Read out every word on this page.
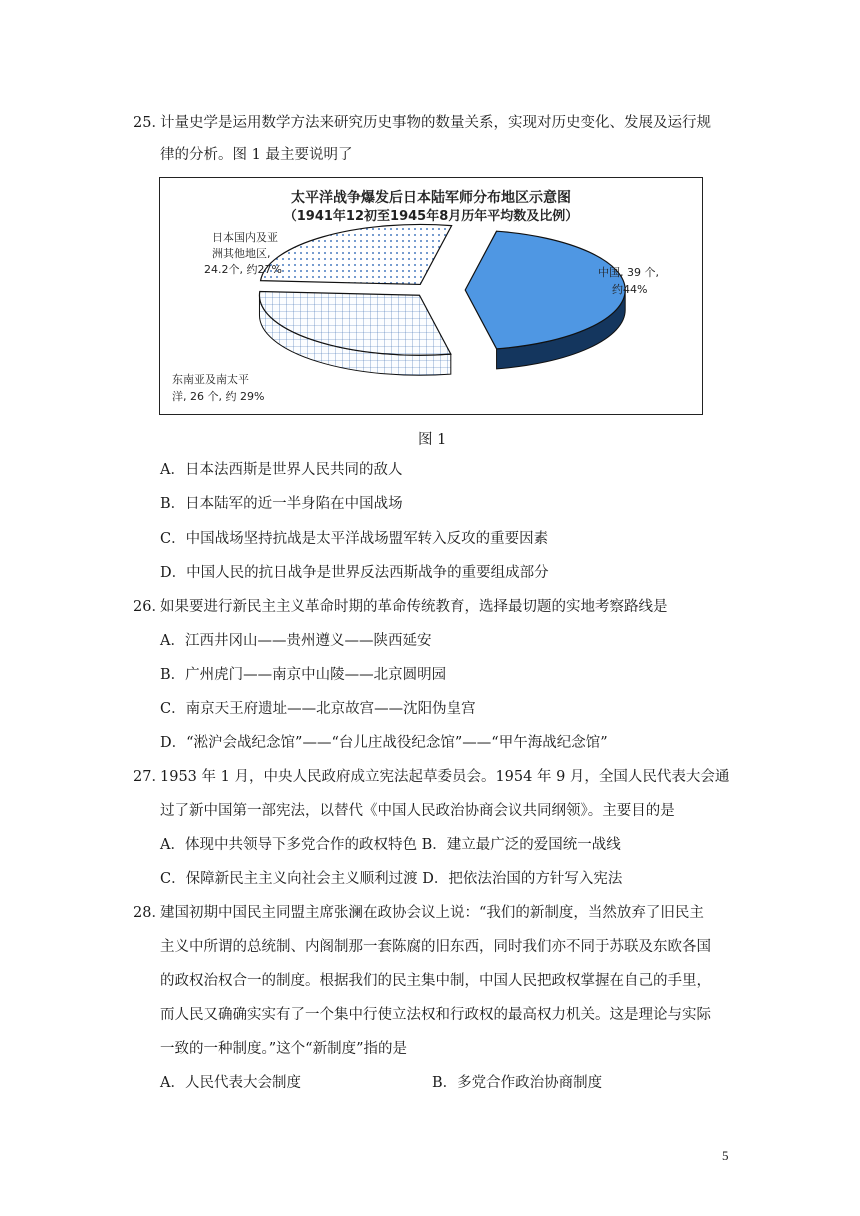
25．
计量史学是运用数学方法来研究历史事物的数量关系，实现对历史变化、发展及运行规
律的分析。图 1 最主要说明了
太平洋战争爆发后日本陆军师分布地区示意图
（1941年12初至1945年8月历年平均数及比例）
中国, 39 个,
约44%
东南亚及南太平
洋, 26 个, 约 29%
日本国内及亚
洲其他地区,
24.2个, 约27%
图 1
A．日本法西斯是世界人民共同的敌人
B．日本陆军的近一半身陷在中国战场
C．中国战场坚持抗战是太平洋战场盟军转入反攻的重要因素
D．中国人民的抗日战争是世界反法西斯战争的重要组成部分
26．
如果要进行新民主主义革命时期的革命传统教育，选择最切题的实地考察路线是
A．江西井冈山——贵州遵义——陕西延安
B．广州虎门——南京中山陵——北京圆明园
C．南京天王府遗址——北京故宫——沈阳伪皇宫
D．“淞沪会战纪念馆”——“台儿庄战役纪念馆”——“甲午海战纪念馆”
27．
1953 年 1 月，中央人民政府成立宪法起草委员会。1954 年 9 月，全国人民代表大会通
过了新中国第一部宪法，以替代《中国人民政治协商会议共同纲领》。主要目的是
A．体现中共领导下多党合作的政权特色 B．建立最广泛的爱国统一战线
C．保障新民主主义向社会主义顺利过渡 D．把依法治国的方针写入宪法
28．
建国初期中国民主同盟主席张澜在政协会议上说：“我们的新制度，当然放弃了旧民主
主义中所谓的总统制、内阁制那一套陈腐的旧东西，同时我们亦不同于苏联及东欧各国
的政权治权合一的制度。根据我们的民主集中制，中国人民把政权掌握在自己的手里，
而人民又确确实实有了一个集中行使立法权和行政权的最高权力机关。这是理论与实际
一致的一种制度。”这个“新制度”指的是
A．人民代表大会制度	B．多党合作政治协商制度
5
